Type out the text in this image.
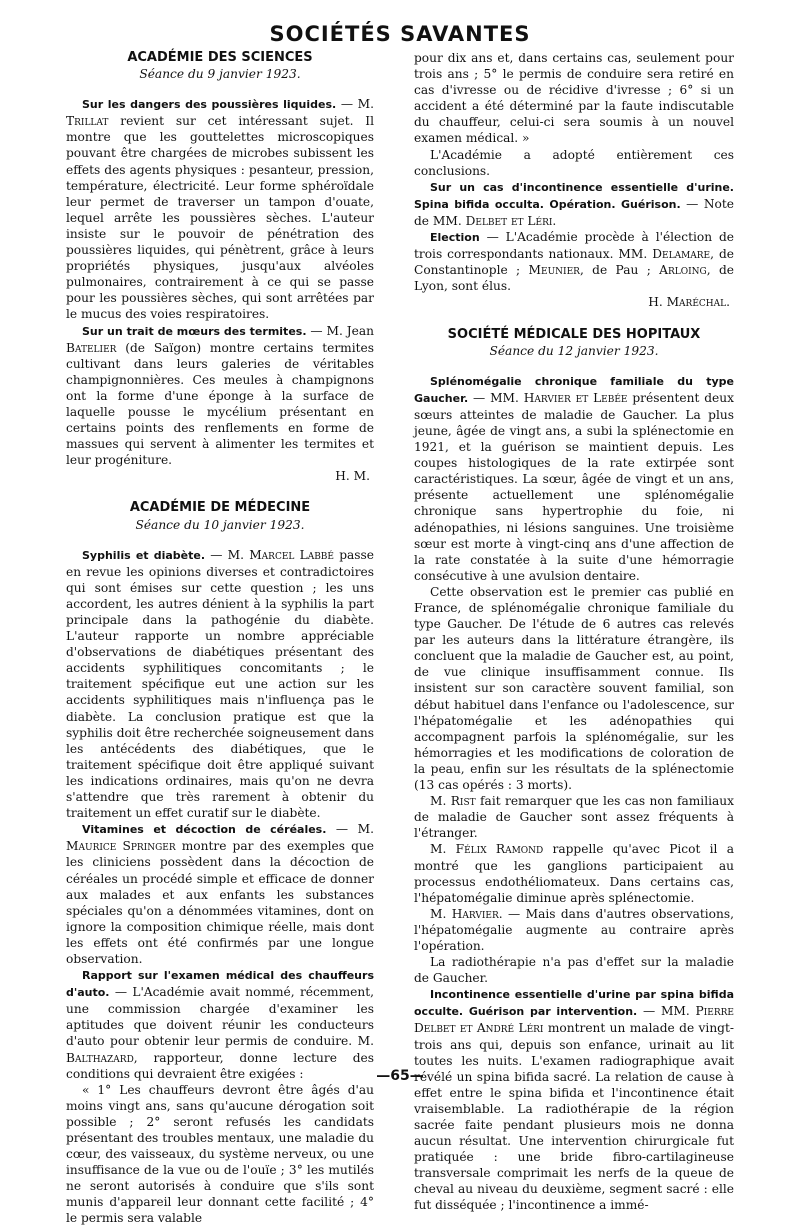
SOCIÉTÉS SAVANTES
ACADÉMIE DES SCIENCES
Séance du 9 janvier 1923.

Sur les dangers des poussières liquides. — M. Trillat revient sur cet intéressant sujet. Il montre que les gouttelettes microscopiques pouvant être chargées de microbes subissent les effets des agents physiques : pesanteur, pression, température, électricité. Leur forme sphéroïdale leur permet de traverser un tampon d'ouate, lequel arrête les poussières sèches. L'auteur insiste sur le pouvoir de pénétration des poussières liquides, qui pénètrent, grâce à leurs propriétés physiques, jusqu'aux alvéoles pulmonaires, contrairement à ce qui se passe pour les poussières sèches, qui sont arrêtées par le mucus des voies respiratoires.

Sur un trait de mœurs des termites. — M. Jean Batelier (de Saïgon) montre certains termites cultivant dans leurs galeries de véritables champignonnières. Ces meules à champignons ont la forme d'une éponge à la surface de laquelle pousse le mycélium présentant en certains points des renflements en forme de massues qui servent à alimenter les termites et leur progéniture.

H. M.
ACADÉMIE DE MÉDECINE
Séance du 10 janvier 1923.

Syphilis et diabète. — M. Marcel Labbé passe en revue les opinions diverses et contradictoires qui sont émises sur cette question ; les uns accordent, les autres dénient à la syphilis la part principale dans la pathogénie du diabète. L'auteur rapporte un nombre appréciable d'observations de diabétiques présentant des accidents syphilitiques concomitants ; le traitement spécifique eut une action sur les accidents syphilitiques mais n'influença pas le diabète. La conclusion pratique est que la syphilis doit être recherchée soigneusement dans les antécédents des diabétiques, que le traitement spécifique doit être appliqué suivant les indications ordinaires, mais qu'on ne devra s'attendre que très rarement à obtenir du traitement un effet curatif sur le diabète.

Vitamines et décoction de céréales. — M. Maurice Springer montre par des exemples que les cliniciens possèdent dans la décoction de céréales un procédé simple et efficace de donner aux malades et aux enfants les substances spéciales qu'on a dénommées vitamines, dont on ignore la composition chimique réelle, mais dont les effets ont été confirmés par une longue observation.

Rapport sur l'examen médical des chauffeurs d'auto. — L'Académie avait nommé, récemment, une commission chargée d'examiner les aptitudes que doivent réunir les conducteurs d'auto pour obtenir leur permis de conduire. M. Balthazard, rapporteur, donne lecture des conditions qui devraient être exigées :

« 1° Les chauffeurs devront être âgés d'au moins vingt ans, sans qu'aucune dérogation soit possible ; 2° seront refusés les candidats présentant des troubles mentaux, une maladie du cœur, des vaisseaux, du système nerveux, ou une insuffisance de la vue ou de l'ouïe ; 3° les mutilés ne seront autorisés à conduire que s'ils sont munis d'appareil leur donnant cette facilité ; 4° le permis sera valable

pour dix ans et, dans certains cas, seulement pour trois ans ; 5° le permis de conduire sera retiré en cas d'ivresse ou de récidive d'ivresse ; 6° si un accident a été déterminé par la faute indiscutable du chauffeur, celui-ci sera soumis à un nouvel examen médical. »

L'Académie a adopté entièrement ces conclusions.

Sur un cas d'incontinence essentielle d'urine. Spina bifida occulta. Opération. Guérison. — Note de MM. Delbet et Léri.

Election — L'Académie procède à l'élection de trois correspondants nationaux. MM. Delamare, de Constantinople ; Meunier, de Pau ; Arloing, de Lyon, sont élus.

H. Maréchal.
SOCIÉTÉ MÉDICALE DES HOPITAUX
Séance du 12 janvier 1923.

Splénomégalie chronique familiale du type Gaucher. — MM. Harvier et Lebée présentent deux sœurs atteintes de maladie de Gaucher. La plus jeune, âgée de vingt ans, a subi la splénectomie en 1921, et la guérison se maintient depuis. Les coupes histologiques de la rate extirpée sont caractéristiques. La sœur, âgée de vingt et un ans, présente actuellement une splénomégalie chronique sans hypertrophie du foie, ni adénopathies, ni lésions sanguines. Une troisième sœur est morte à vingt-cinq ans d'une affection de la rate constatée à la suite d'une hémorragie consécutive à une avulsion dentaire.

Cette observation est le premier cas publié en France, de splénomégalie chronique familiale du type Gaucher. De l'étude de 6 autres cas relevés par les auteurs dans la littérature étrangère, ils concluent que la maladie de Gaucher est, au point, de vue clinique insuffisamment connue. Ils insistent sur son caractère souvent familial, son début habituel dans l'enfance ou l'adolescence, sur l'hépatomégalie et les adénopathies qui accompagnent parfois la splénomégalie, sur les hémorragies et les modifications de coloration de la peau, enfin sur les résultats de la splénectomie (13 cas opérés : 3 morts).

M. Rist fait remarquer que les cas non familiaux de maladie de Gaucher sont assez fréquents à l'étranger.

M. Félix Ramond rappelle qu'avec Picot il a montré que les ganglions participaient au processus endothéliomateux. Dans certains cas, l'hépatomégalie diminue après splénectomie.

M. Harvier. — Mais dans d'autres observations, l'hépatomégalie augmente au contraire après l'opération.

La radiothérapie n'a pas d'effet sur la maladie de Gaucher.

Incontinence essentielle d'urine par spina bifida occulte. Guérison par intervention. — MM. Pierre Delbet et André Léri montrent un malade de vingt-trois ans qui, depuis son enfance, urinait au lit toutes les nuits. L'examen radiographique avait révélé un spina bifida sacré. La relation de cause à effet entre le spina bifida et l'incontinence était vraisemblable. La radiothérapie de la région sacrée faite pendant plusieurs mois ne donna aucun résultat. Une intervention chirurgicale fut pratiquée : une bride fibro-cartilagineuse transversale comprimait les nerfs de la queue de cheval au niveau du deuxième, segment sacré : elle fut disséquée ; l'incontinence a immé-

—65—
